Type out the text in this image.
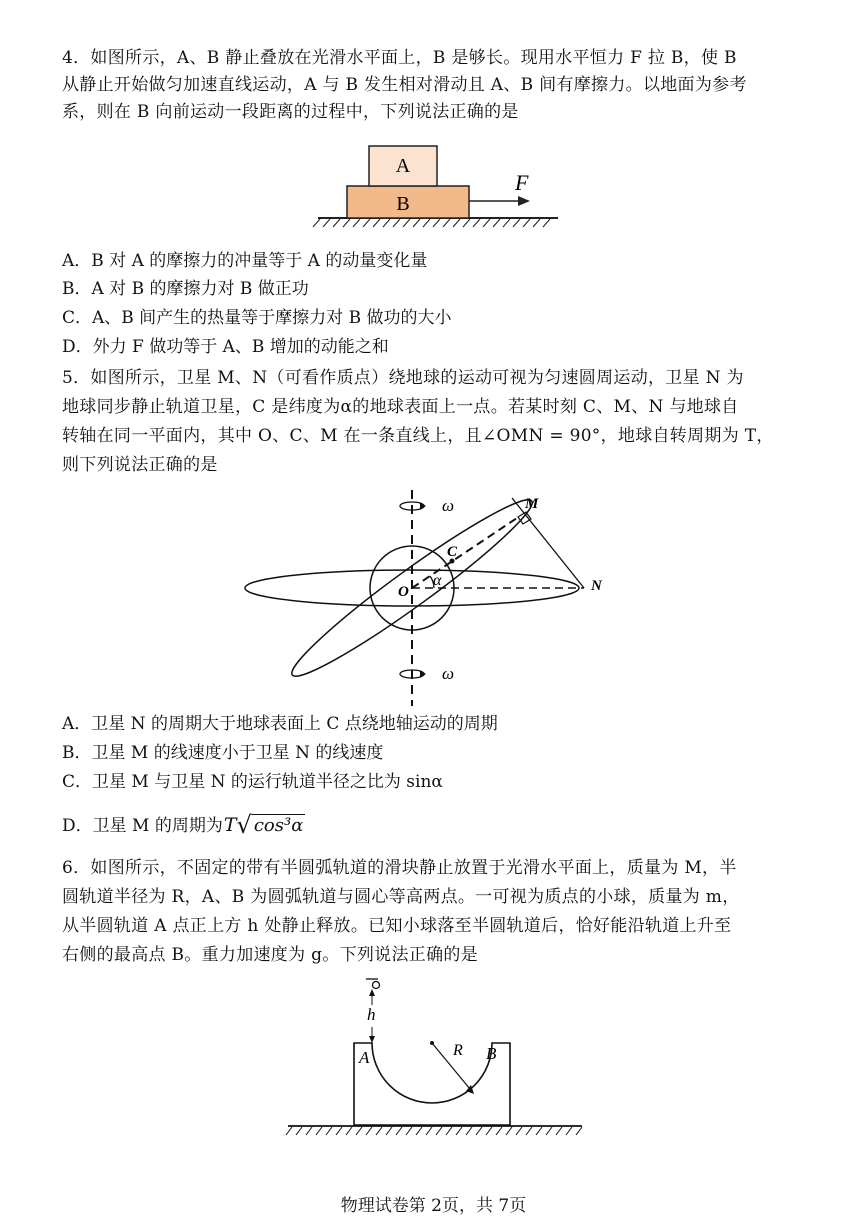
4．如图所示，A、B 静止叠放在光滑水平面上，B 是够长。现用水平恒力 F 拉 B，使 B
从静止开始做匀加速直线运动，A 与 B 发生相对滑动且 A、B 间有摩擦力。以地面为参考
系，则在 B 向前运动一段距离的过程中，下列说法正确的是
A
B
F
A．B 对 A 的摩擦力的冲量等于 A 的动量变化量
B．A 对 B 的摩擦力对 B 做正功
C．A、B 间产生的热量等于摩擦力对 B 做功的大小
D．外力 F 做功等于 A、B 增加的动能之和
5．如图所示，卫星 M、N（可看作质点）绕地球的运动可视为匀速圆周运动，卫星 N 为
地球同步静止轨道卫星，C 是纬度为α的地球表面上一点。若某时刻 C、M、N 与地球自
转轴在同一平面内，其中 O、C、M 在一条直线上，且∠OMN = 90°，地球自转周期为 T，
则下列说法正确的是
ω
ω
M
C
O
α	N
A．卫星 N 的周期大于地球表面上 C 点绕地轴运动的周期
B．卫星 M 的线速度小于卫星 N 的线速度
C．卫星 M 与卫星 N 的运行轨道半径之比为 sinα
D．卫星 M 的周期为T√ cos³α
6．如图所示，不固定的带有半圆弧轨道的滑块静止放置于光滑水平面上，质量为 M，半
圆轨道半径为 R，A、B 为圆弧轨道与圆心等高两点。一可视为质点的小球，质量为 m，
从半圆轨道 A 点正上方 h 处静止释放。已知小球落至半圆轨道后，恰好能沿轨道上升至
右侧的最高点 B。重力加速度为 g。下列说法正确的是
h
R
A	B
物理试卷第 2页，共 7页
